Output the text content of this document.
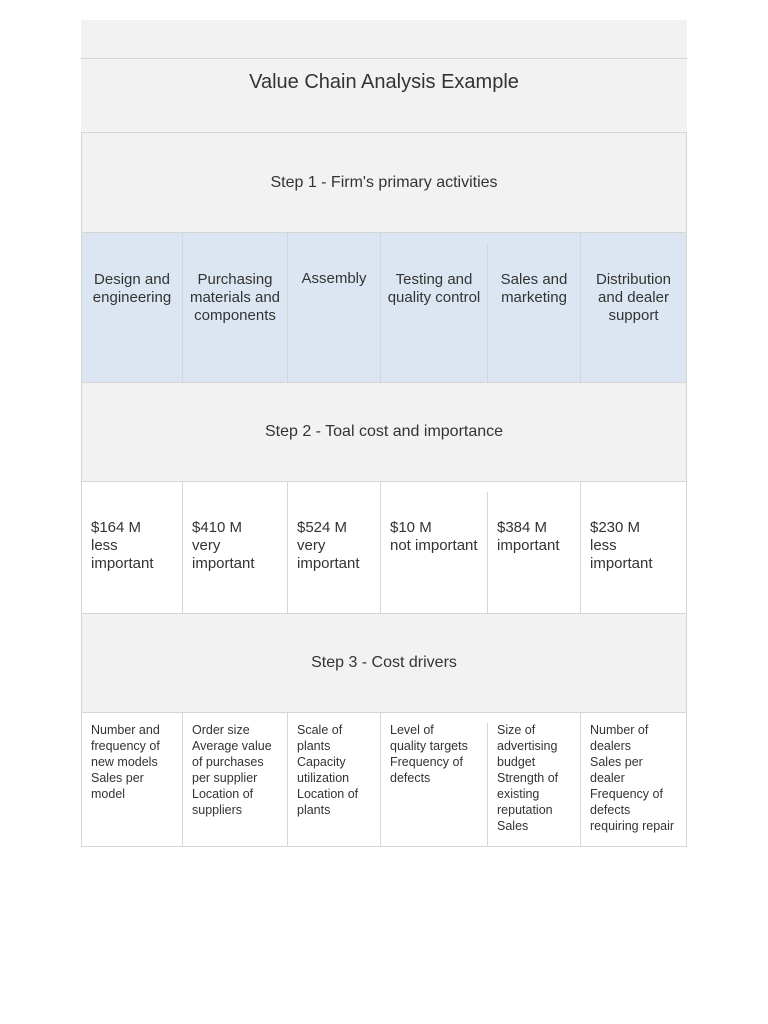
Value Chain Analysis Example
Step 1 - Firm's primary activities
Design and engineering
Purchasing materials and components
Assembly	Testing and quality control
Sales and marketing
Distribution and dealer support
Step 2 - Toal cost and importance
$164 M
less important
$410 M
very important
$524 M
very important
$10 M
not important
$384 M
important
$230 M
less important
Step 3 - Cost drivers
Number and
frequency of
new models
Sales per
model
Order size
Average value
of purchases
per supplier
Location of
suppliers
Scale of
plants
Capacity
utilization
Location of
plants
Level of
quality targets
Frequency of
defects
Size of
advertising
budget
Strength of
existing
reputation
Sales
Number of
dealers
Sales per
dealer
Frequency of
defects
requiring repair
